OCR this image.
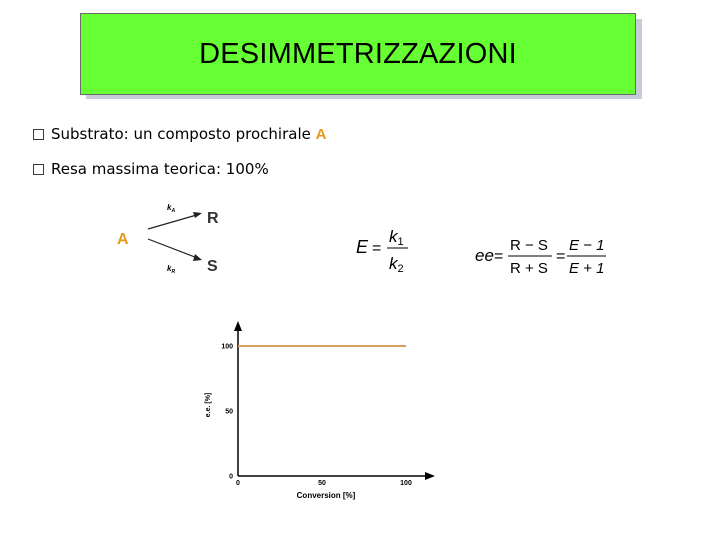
DESIMMETRIZZAZIONI
Substrato: un composto prochirale A
Resa massima teorica: 100%
A
$k_A$
$k_R$
R
S
E =
k1
k2
ee =
R − S
R + S
=
E − 1
E + 1
0	50	100
0
50
100
Conversion [%]
e.e. [%]
